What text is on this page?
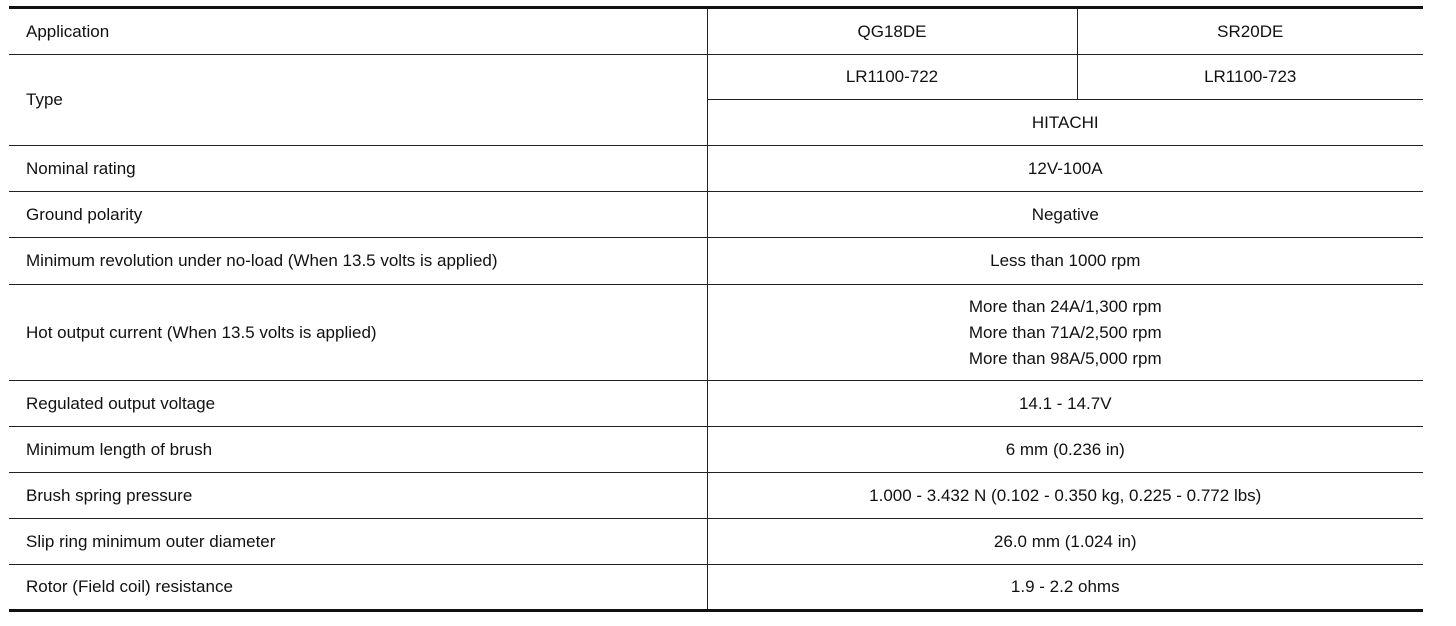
Application	QG18DE	SR20DE
Type	LR1100-722	LR1100-723
	HITACHI	
Nominal rating	12V-100A	
Ground polarity	Negative	
Minimum revolution under no-load (When 13.5 volts is applied)	Less than 1000 rpm	
Hot output current (When 13.5 volts is applied)	More than 24A/1,300 rpm
More than 71A/2,500 rpm
More than 98A/5,000 rpm	

Regulated output voltage	14.1 - 14.7V	
Minimum length of brush	6 mm (0.236 in)	
Brush spring pressure	1.000 - 3.432 N (0.102 - 0.350 kg, 0.225 - 0.772 lbs)	
Slip ring minimum outer diameter	26.0 mm (1.024 in)	
Rotor (Field coil) resistance	1.9 - 2.2 ohms	
